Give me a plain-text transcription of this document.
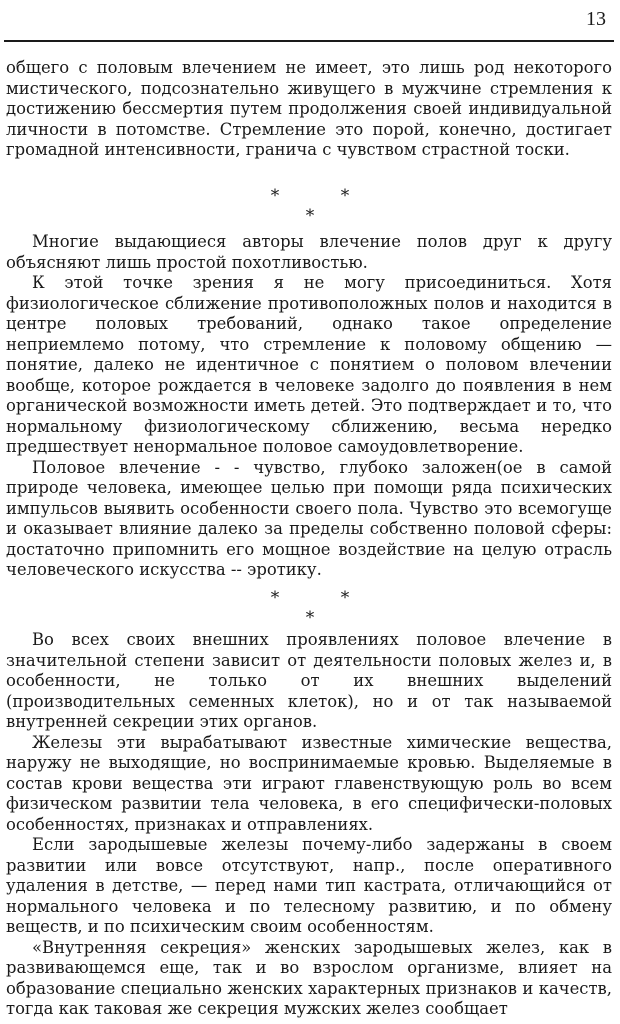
13

общего с половым влечением не имеет, это лишь род некоторого мистического, подсознательно живущего в мужчине стремления к достижению бессмертия путем продолжения своей индивидуальной личности в потомстве. Стремление это порой, конечно, достигает громадной интенсивности, гранича с чувством страстной тоски.

*	*
*

Многие выдающиеся авторы влечение полов друг к другу объясняют лишь простой похотливостью.

К этой точке зрения я не могу присоединиться. Хотя физиологическое сближение противоположных полов и находится в центре половых требований, однако такое определение неприемлемо потому, что стремление к половому общению — понятие, далеко не идентичное с понятием о половом влечении вообще, которое рождается в человеке задолго до появления в нем органической возможности иметь детей. Это подтверждает и то, что нормальному физиологическому сближению, весьма нередко предшествует ненормальное половое самоудовлетворение.

Половое влечение - - чувство, глубоко заложен(ое в самой природе человека, имеющее целью при помощи ряда психических импульсов выявить особенности своего пола. Чувство это всемогуще и оказывает влияние далеко за пределы собственно половой сферы: достаточно припомнить его мощное воздействие на целую отрасль человеческого искусства -- эротику.

*	*
*

Во всех своих внешних проявлениях половое влечение в значительной степени зависит от деятельности половых желез и, в особенности, не только от их внешних выделений (производительных семенных клеток), но и от так называемой внутренней секреции этих органов.

Железы эти вырабатывают известные химические вещества, наружу не выходящие, но воспринимаемые кровью. Выделяемые в состав крови вещества эти играют главенствующую роль во всем физическом развитии тела человека, в его специфически-половых особенностях, признаках и отправлениях.

Если зародышевые железы почему-либо задержаны в своем развитии или вовсе отсутствуют, напр., после оперативного удаления в детстве, — перед нами тип кастрата, отличающийся от нормального человека и по телесному развитию, и по обмену веществ, и по психическим своим особенностям.

«Внутренняя секреция» женских зародышевых желез, как в развивающемся еще, так и во взрослом организме, влияет на образование специально женских характерных признаков и качеств, тогда как таковая же секреция мужских желез сообщает
